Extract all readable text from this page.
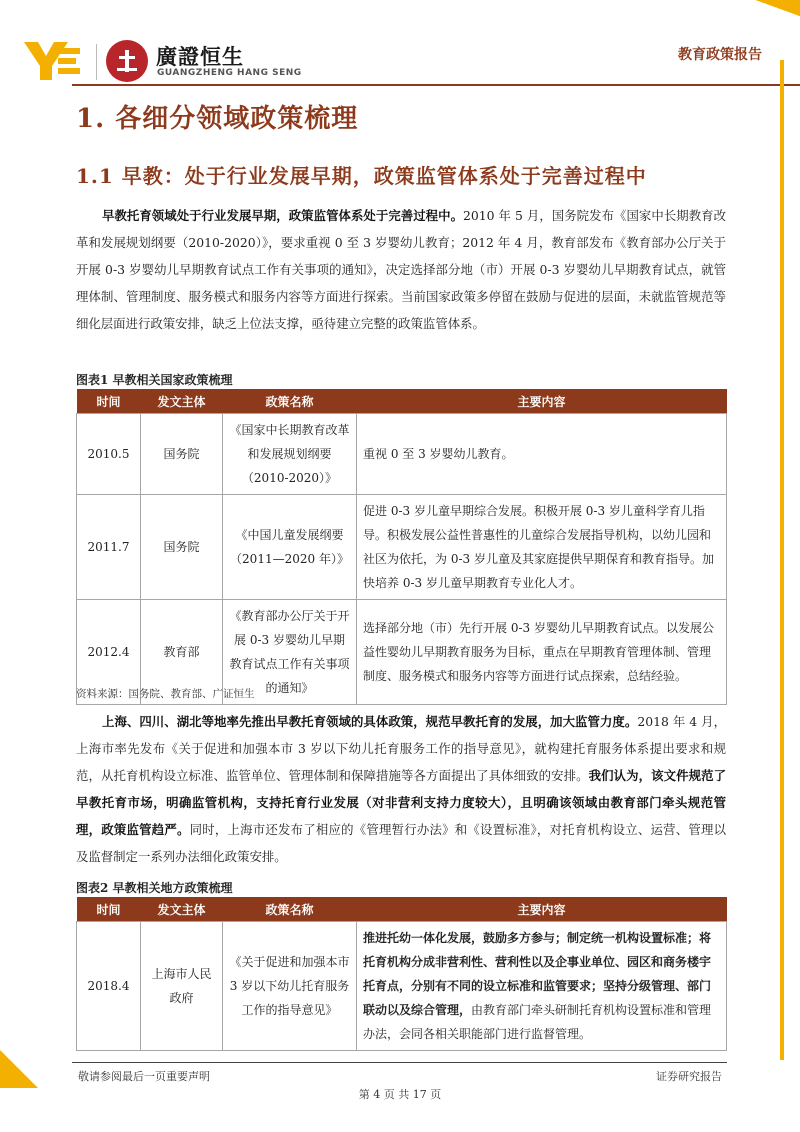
廣證恒生
GUANGZHENG HANG SENG
教育政策报告
1. 各细分领域政策梳理
1.1 早教：处于行业发展早期，政策监管体系处于完善过程中

早教托育领域处于行业发展早期，政策监管体系处于完善过程中。2010 年 5 月，国务院发布《国家中长期教育改革和发展规划纲要（2010-2020）》，要求重视 0 至 3 岁婴幼儿教育；2012 年 4 月，教育部发布《教育部办公厅关于开展 0-3 岁婴幼儿早期教育试点工作有关事项的通知》，决定选择部分地（市）开展 0-3 岁婴幼儿早期教育试点，就管理体制、管理制度、服务模式和服务内容等方面进行探索。当前国家政策多停留在鼓励与促进的层面，未就监管规范等细化层面进行政策安排，缺乏上位法支撑，亟待建立完整的政策监管体系。

图表1 早教相关国家政策梳理
时间	发文主体	政策名称	主要内容
2010.5	国务院	《国家中长期教育改革和发展规划纲要（2010-2020）》	重视 0 至 3 岁婴幼儿教育。
2011.7	国务院	《中国儿童发展纲要（2011—2020 年）》	促进 0-3 岁儿童早期综合发展。积极开展 0-3 岁儿童科学育儿指导。积极发展公益性普惠性的儿童综合发展指导机构，以幼儿园和社区为依托，为 0-3 岁儿童及其家庭提供早期保育和教育指导。加快培养 0-3 岁儿童早期教育专业化人才。
2012.4	教育部	《教育部办公厅关于开展 0-3 岁婴幼儿早期教育试点工作有关事项的通知》	选择部分地（市）先行开展 0-3 岁婴幼儿早期教育试点。以发展公益性婴幼儿早期教育服务为目标，重点在早期教育管理体制、管理制度、服务模式和服务内容等方面进行试点探索，总结经验。
资料来源：国务院、教育部、广证恒生

上海、四川、湖北等地率先推出早教托育领域的具体政策，规范早教托育的发展，加大监管力度。2018 年 4 月，上海市率先发布《关于促进和加强本市 3 岁以下幼儿托育服务工作的指导意见》，就构建托育服务体系提出要求和规范，从托育机构设立标准、监管单位、管理体制和保障措施等各方面提出了具体细致的安排。我们认为，该文件规范了早教托育市场，明确监管机构，支持托育行业发展（对非营利支持力度较大），且明确该领域由教育部门牵头规范管理，政策监管趋严。同时，上海市还发布了相应的《管理暂行办法》和《设置标准》，对托育机构设立、运营、管理以及监督制定一系列办法细化政策安排。

图表2 早教相关地方政策梳理
时间	发文主体	政策名称	主要内容
2018.4	上海市人民政府	《关于促进和加强本市 3 岁以下幼儿托育服务工作的指导意见》	推进托幼一体化发展，鼓励多方参与；制定统一机构设置标准；将托育机构分成非营利性、营利性以及企事业单位、园区和商务楼宇托育点，分别有不同的设立标准和监管要求；坚持分级管理、部门联动以及综合管理，由教育部门牵头研制托育机构设置标准和管理办法，会同各相关职能部门进行监督管理。
敬请参阅最后一页重要声明	证券研究报告
第 4 页 共 17 页
